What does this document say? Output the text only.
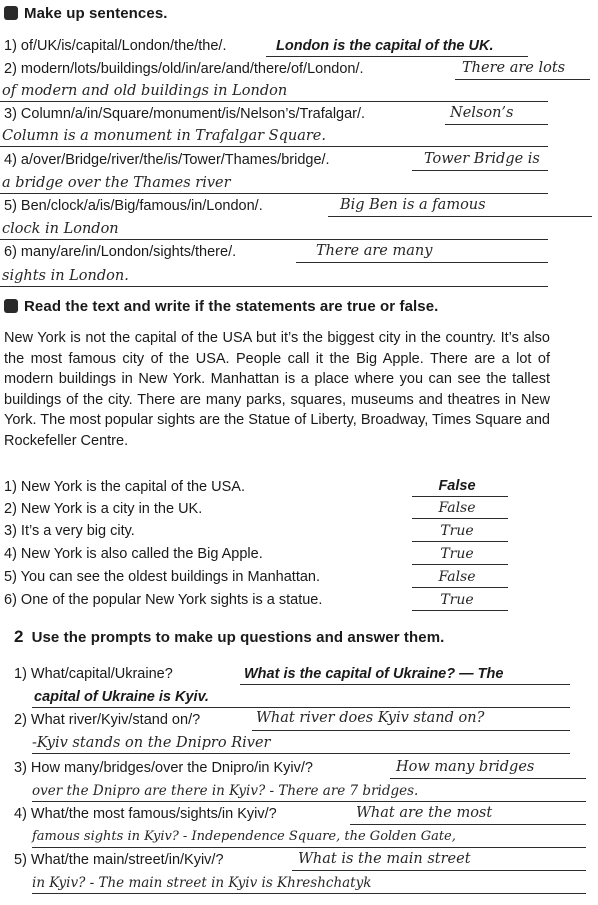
Make up sentences.
1) of/UK/is/capital/London/the/the/.	London is the capital of the UK.
2) modern/lots/buildings/old/in/are/and/there/of/London/.	There are lots
of modern and old buildings in London
3) Column/a/in/Square/monument/is/Nelson’s/Trafalgar/.	Nelson’s
Column is a monument in Trafalgar Square.
4) a/over/Bridge/river/the/is/Tower/Thames/bridge/.	Tower Bridge is
a bridge over the Thames river
5) Ben/clock/a/is/Big/famous/in/London/.	Big Ben is a famous
clock in London
6) many/are/in/London/sights/there/.	There are many
sights in London.
Read the text and write if the statements are true or false.
New York is not the capital of the USA but it’s the biggest city in the country. It’s also the most famous city of the USA. People call it the Big Apple. There are a lot of modern buildings in New York. Manhattan is a place where you can see the tallest buildings of the city. There are many parks, squares, museums and theatres in New York. The most popular sights are the Statue of Liberty, Broadway, Times Square and Rockefeller Centre.
1) New York is the capital of the USA.	False
2) New York is a city in the UK.	False
3) It’s a very big city.	True
4) New York is also called the Big Apple.	True
5) You can see the oldest buildings in Manhattan.	False
6) One of the popular New York sights is a statue.	True
2 Use the prompts to make up questions and answer them.
1) What/capital/Ukraine?	What is the capital of Ukraine? — The
capital of Ukraine is Kyiv.
2) What river/Kyiv/stand on/?	What river does Kyiv stand on?
-Kyiv stands on the Dnipro River
3) How many/bridges/over the Dnipro/in Kyiv/?	How many bridges
over the Dnipro are there in Kyiv? - There are 7 bridges.
4) What/the most famous/sights/in Kyiv/?	What are the most
famous sights in Kyiv? - Independence Square, the Golden Gate,
5) What/the main/street/in/Kyiv/?	What is the main street
in Kyiv? - The main street in Kyiv is Khreshchatyk
